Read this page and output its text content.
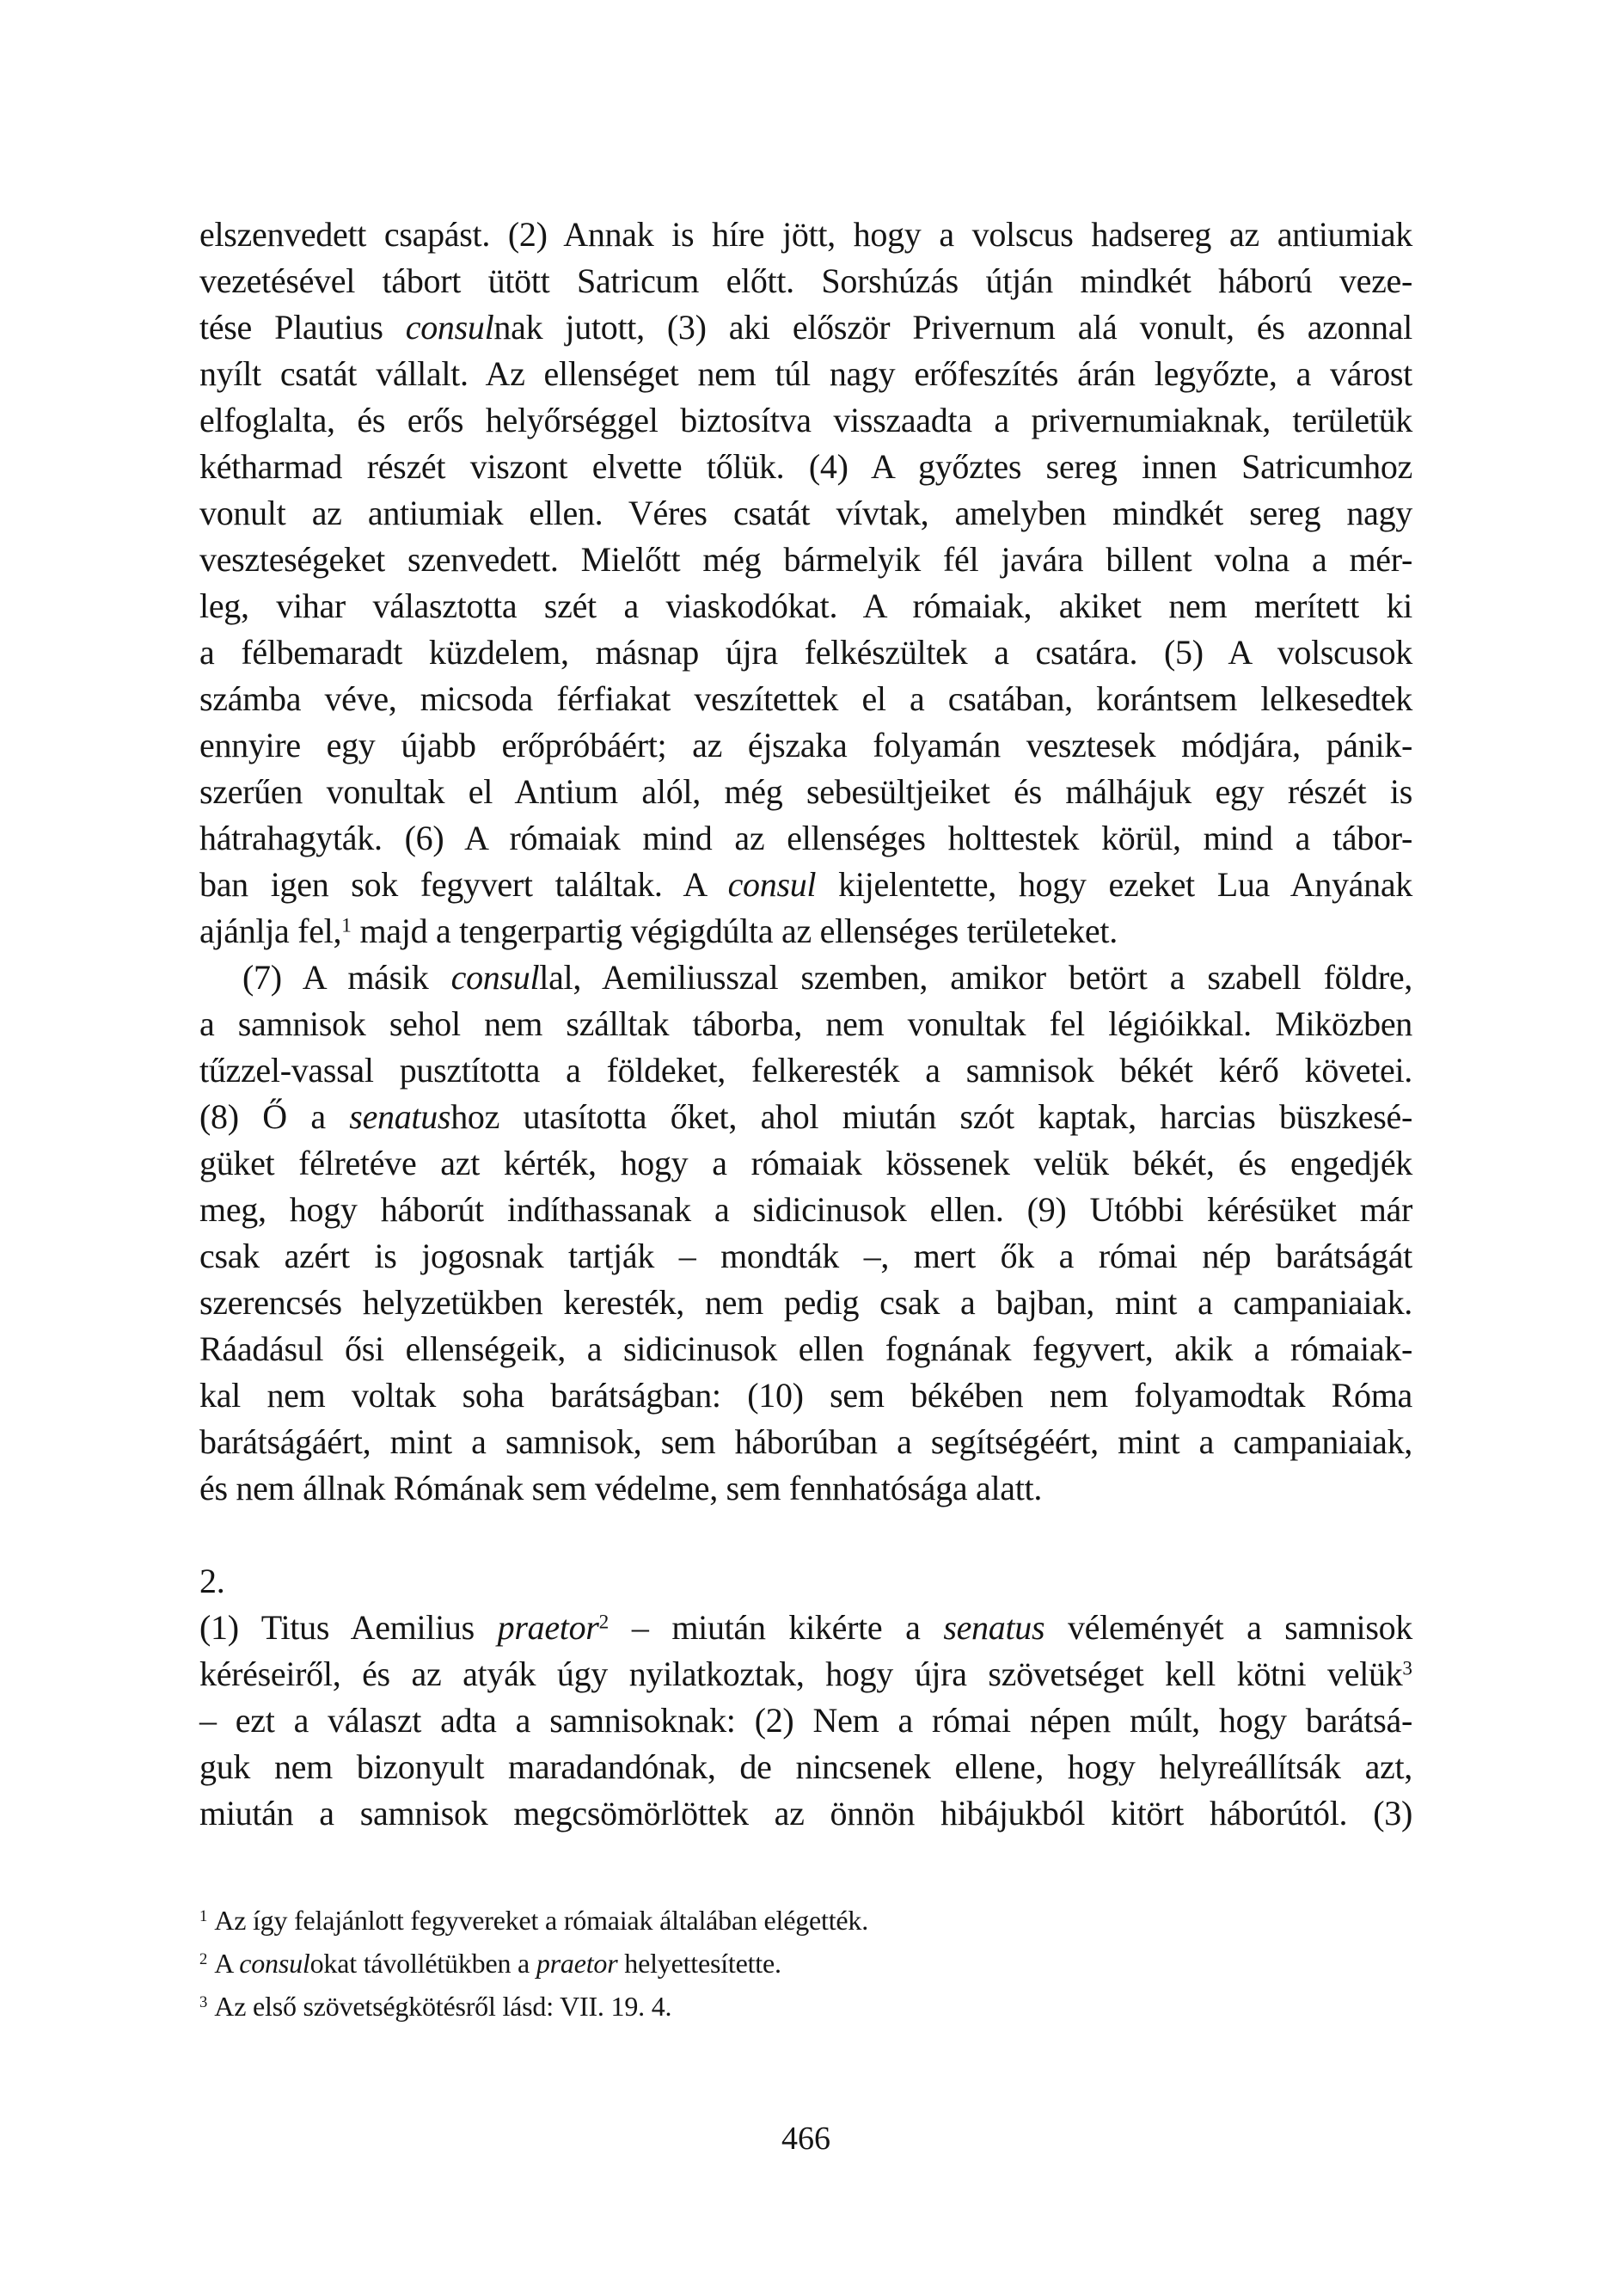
elszenvedett csapást. (2) Annak is híre jött, hogy a volscus hadsereg az antiumiak
vezetésével tábort ütött Satricum előtt. Sorshúzás útján mindkét háború veze-
tése Plautius consulnak jutott, (3) aki először Privernum alá vonult, és azonnal
nyílt csatát vállalt. Az ellenséget nem túl nagy erőfeszítés árán legyőzte, a várost
elfoglalta, és erős helyőrséggel biztosítva visszaadta a privernumiaknak, területük
kétharmad részét viszont elvette tőlük. (4) A győztes sereg innen Satricumhoz
vonult az antiumiak ellen. Véres csatát vívtak, amelyben mindkét sereg nagy
veszteségeket szenvedett. Mielőtt még bármelyik fél javára billent volna a mér-
leg, vihar választotta szét a viaskodókat. A rómaiak, akiket nem merített ki
a félbemaradt küzdelem, másnap újra felkészültek a csatára. (5) A volscusok
számba véve, micsoda férfiakat veszítettek el a csatában, korántsem lelkesedtek
ennyire egy újabb erőpróbáért; az éjszaka folyamán vesztesek módjára, pánik-
szerűen vonultak el Antium alól, még sebesültjeiket és málhájuk egy részét is
hátrahagyták. (6) A rómaiak mind az ellenséges holttestek körül, mind a tábor-
ban igen sok fegyvert találtak. A consul kijelentette, hogy ezeket Lua Anyának
ajánlja fel,$^1$ majd a tengerpartig végigdúlta az ellenséges területeket.
(7) A másik consullal, Aemiliusszal szemben, amikor betört a szabell földre,
a samnisok sehol nem szálltak táborba, nem vonultak fel légióikkal. Miközben
tűzzel-vassal pusztította a földeket, felkeresték a samnisok békét kérő követei.
(8) Ő a senatushoz utasította őket, ahol miután szót kaptak, harcias büszkesé-
güket félretéve azt kérték, hogy a rómaiak kössenek velük békét, és engedjék
meg, hogy háborút indíthassanak a sidicinusok ellen. (9) Utóbbi kérésüket már
csak azért is jogosnak tartják – mondták –, mert ők a római nép barátságát
szerencsés helyzetükben keresték, nem pedig csak a bajban, mint a campaniaiak.
Ráadásul ősi ellenségeik, a sidicinusok ellen fognának fegyvert, akik a rómaiak-
kal nem voltak soha barátságban: (10) sem békében nem folyamodtak Róma
barátságáért, mint a samnisok, sem háborúban a segítségéért, mint a campaniaiak,
és nem állnak Rómának sem védelme, sem fennhatósága alatt.
2.
(1) Titus Aemilius praetor$^2$ – miután kikérte a senatus véleményét a samnisok
kéréseiről, és az atyák úgy nyilatkoztak, hogy újra szövetséget kell kötni velük$^3$
– ezt a választ adta a samnisoknak: (2) Nem a római népen múlt, hogy barátsá-
guk nem bizonyult maradandónak, de nincsenek ellene, hogy helyreállítsák azt,
miután a samnisok megcsömörlöttek az önnön hibájukból kitört háborútól. (3)
$^1$ Az így felajánlott fegyvereket a rómaiak általában elégették.
$^2$ A consulokat távollétükben a praetor helyettesítette.
$^3$ Az első szövetségkötésről lásd: VII. 19. 4.
466
